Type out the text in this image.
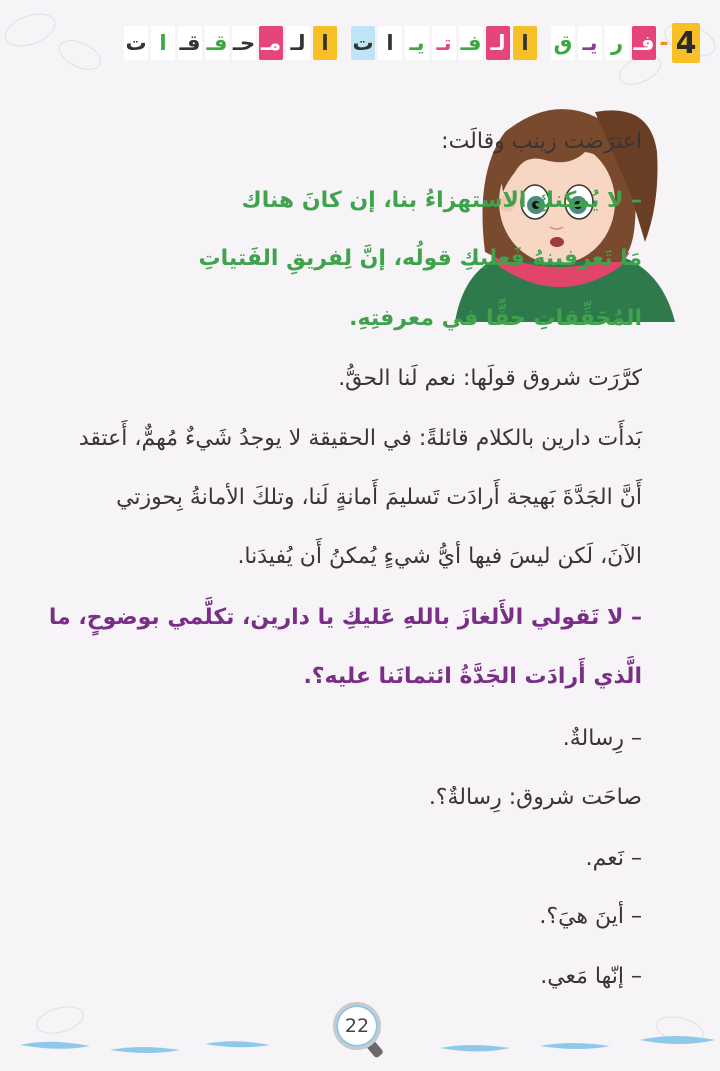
4
-
فـ
ر
يـ
ق
ا
لـ
فـ
تـ
يـ
ا
ت
ا
لـ
مـ
حـ
قـ
قـ
ا
ت
اعترَضت زينب وقالَت:
– لا يُمكنكِ الاستهزاءُ بنا، إن كانَ هناك
مَا تَعرفينهُ فَعليكِ قولُه، إنَّ لِفريقِ الفَتياتِ
المُحَقِّقاتِ حقًّا في معرفتِهِ.
كرَّرَت شروق قولَها: نعم لَنا الحقُّ.
بَدأَت دارين بالكلام قائلةً: في الحقيقة لا يوجدُ شَيءٌ مُهمٌّ، أَعتقد
أَنَّ الجَدَّةَ بَهيجة أَرادَت تَسليمَ أَمانةٍ لَنا، وتلكَ الأمانةُ بِحوزتي
الآنَ، لَكن ليسَ فيها أيُّ شيءٍ يُمكنُ أَن يُفيدَنا.
– لا تَقولي الأَلغازَ باللهِ عَليكِ يا دارين، تكلَّمي بوضوحٍ، ما
الَّذي أَرادَت الجَدَّةُ ائتمانَنا عليه؟.
– رِسالةٌ.
صاحَت شروق: رِسالةٌ؟.
– نَعم.
– أينَ هيَ؟.
– إنّها مَعي.
22
